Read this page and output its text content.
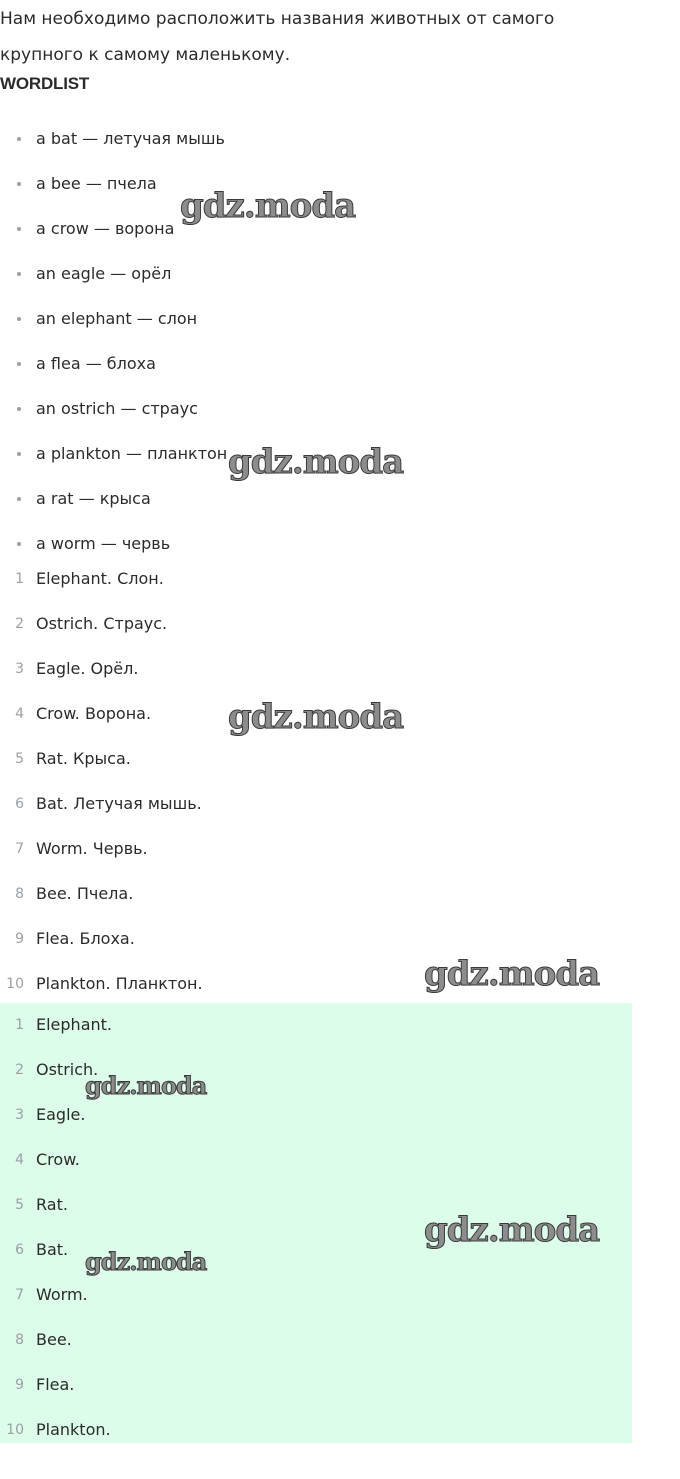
Нам необходимо расположить названия животных от самого крупного к самому маленькому.

WORDLIST
a bat — летучая мышь
a bee — пчела
a crow — ворона
an eagle — орёл
an elephant — слон
a flea — блоха
an ostrich — страус
a plankton — планктон
a rat — крыса
a worm — червь
1 Elephant. Слон.
2 Ostrich. Страус.
3 Eagle. Орёл.
4 Crow. Ворона.
5 Rat. Крыса.
6 Bat. Летучая мышь.
7 Worm. Червь.
8 Bee. Пчела.
9 Flea. Блоха.
10 Plankton. Планктон.
1 Elephant.
2 Ostrich.
3 Eagle.
4 Crow.
5 Rat.
6 Bat.
7 Worm.
8 Bee.
9 Flea.
10 Plankton.
gdz.moda
gdz.moda
gdz.moda
gdz.moda
gdz.moda
gdz.moda
gdz.moda
